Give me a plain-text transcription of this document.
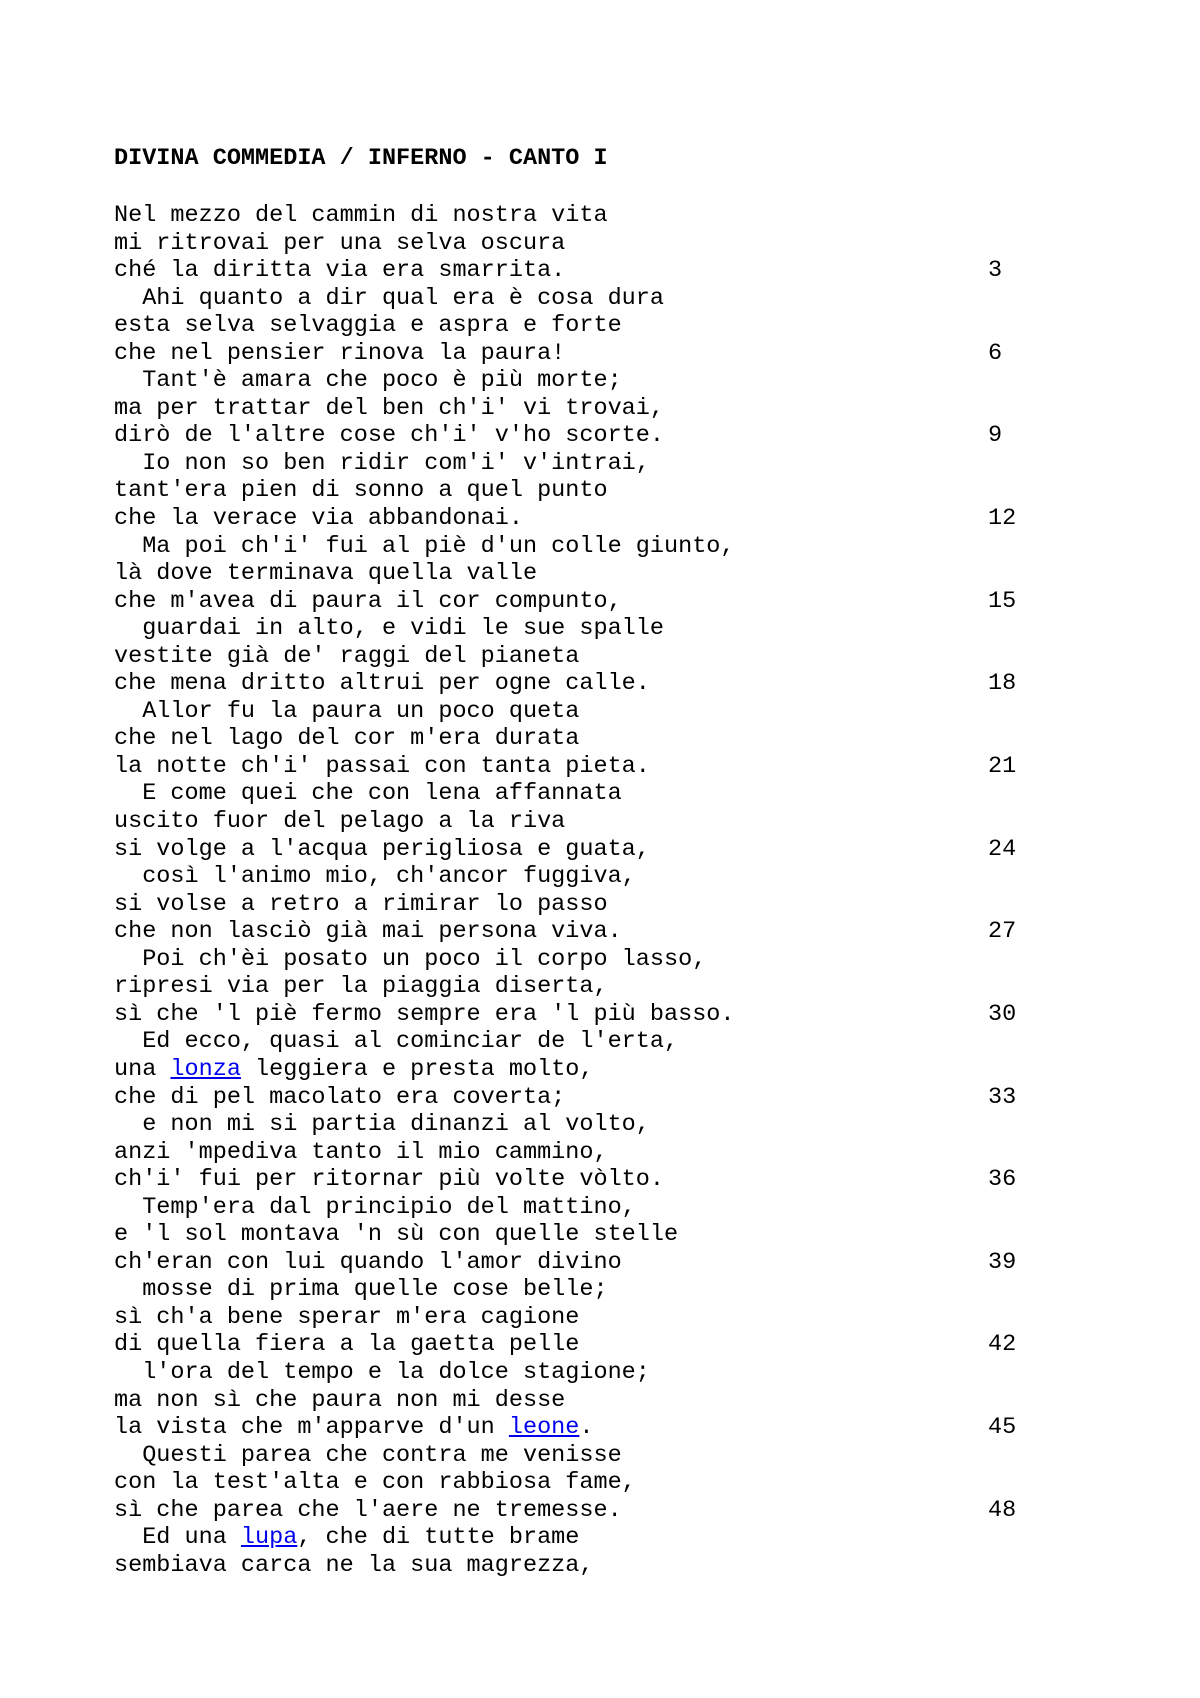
DIVINA COMMEDIA / INFERNO - CANTO I
Nel mezzo del cammin di nostra vita
mi ritrovai per una selva oscura
ché la diritta via era smarrita.	3
Ahi quanto a dir qual era è cosa dura
esta selva selvaggia e aspra e forte
che nel pensier rinova la paura!	6
Tant'è amara che poco è più morte;
ma per trattar del ben ch'i' vi trovai,
dirò de l'altre cose ch'i' v'ho scorte.	9
Io non so ben ridir com'i' v'intrai,
tant'era pien di sonno a quel punto
che la verace via abbandonai.	12
Ma poi ch'i' fui al piè d'un colle giunto,
là dove terminava quella valle
che m'avea di paura il cor compunto,	15
guardai in alto, e vidi le sue spalle
vestite già de' raggi del pianeta
che mena dritto altrui per ogne calle.	18
Allor fu la paura un poco queta
che nel lago del cor m'era durata
la notte ch'i' passai con tanta pieta.	21
E come quei che con lena affannata
uscito fuor del pelago a la riva
si volge a l'acqua perigliosa e guata,	24
così l'animo mio, ch'ancor fuggiva,
si volse a retro a rimirar lo passo
che non lasciò già mai persona viva.	27
Poi ch'èi posato un poco il corpo lasso,
ripresi via per la piaggia diserta,
sì che 'l piè fermo sempre era 'l più basso.	30
Ed ecco, quasi al cominciar de l'erta,
una lonza leggiera e presta molto,
che di pel macolato era coverta;	33
e non mi si partia dinanzi al volto,
anzi 'mpediva tanto il mio cammino,
ch'i' fui per ritornar più volte vòlto.	36
Temp'era dal principio del mattino,
e 'l sol montava 'n sù con quelle stelle
ch'eran con lui quando l'amor divino	39
mosse di prima quelle cose belle;
sì ch'a bene sperar m'era cagione
di quella fiera a la gaetta pelle	42
l'ora del tempo e la dolce stagione;
ma non sì che paura non mi desse
la vista che m'apparve d'un leone.	45
Questi parea che contra me venisse
con la test'alta e con rabbiosa fame,
sì che parea che l'aere ne tremesse.	48
Ed una lupa, che di tutte brame
sembiava carca ne la sua magrezza,
